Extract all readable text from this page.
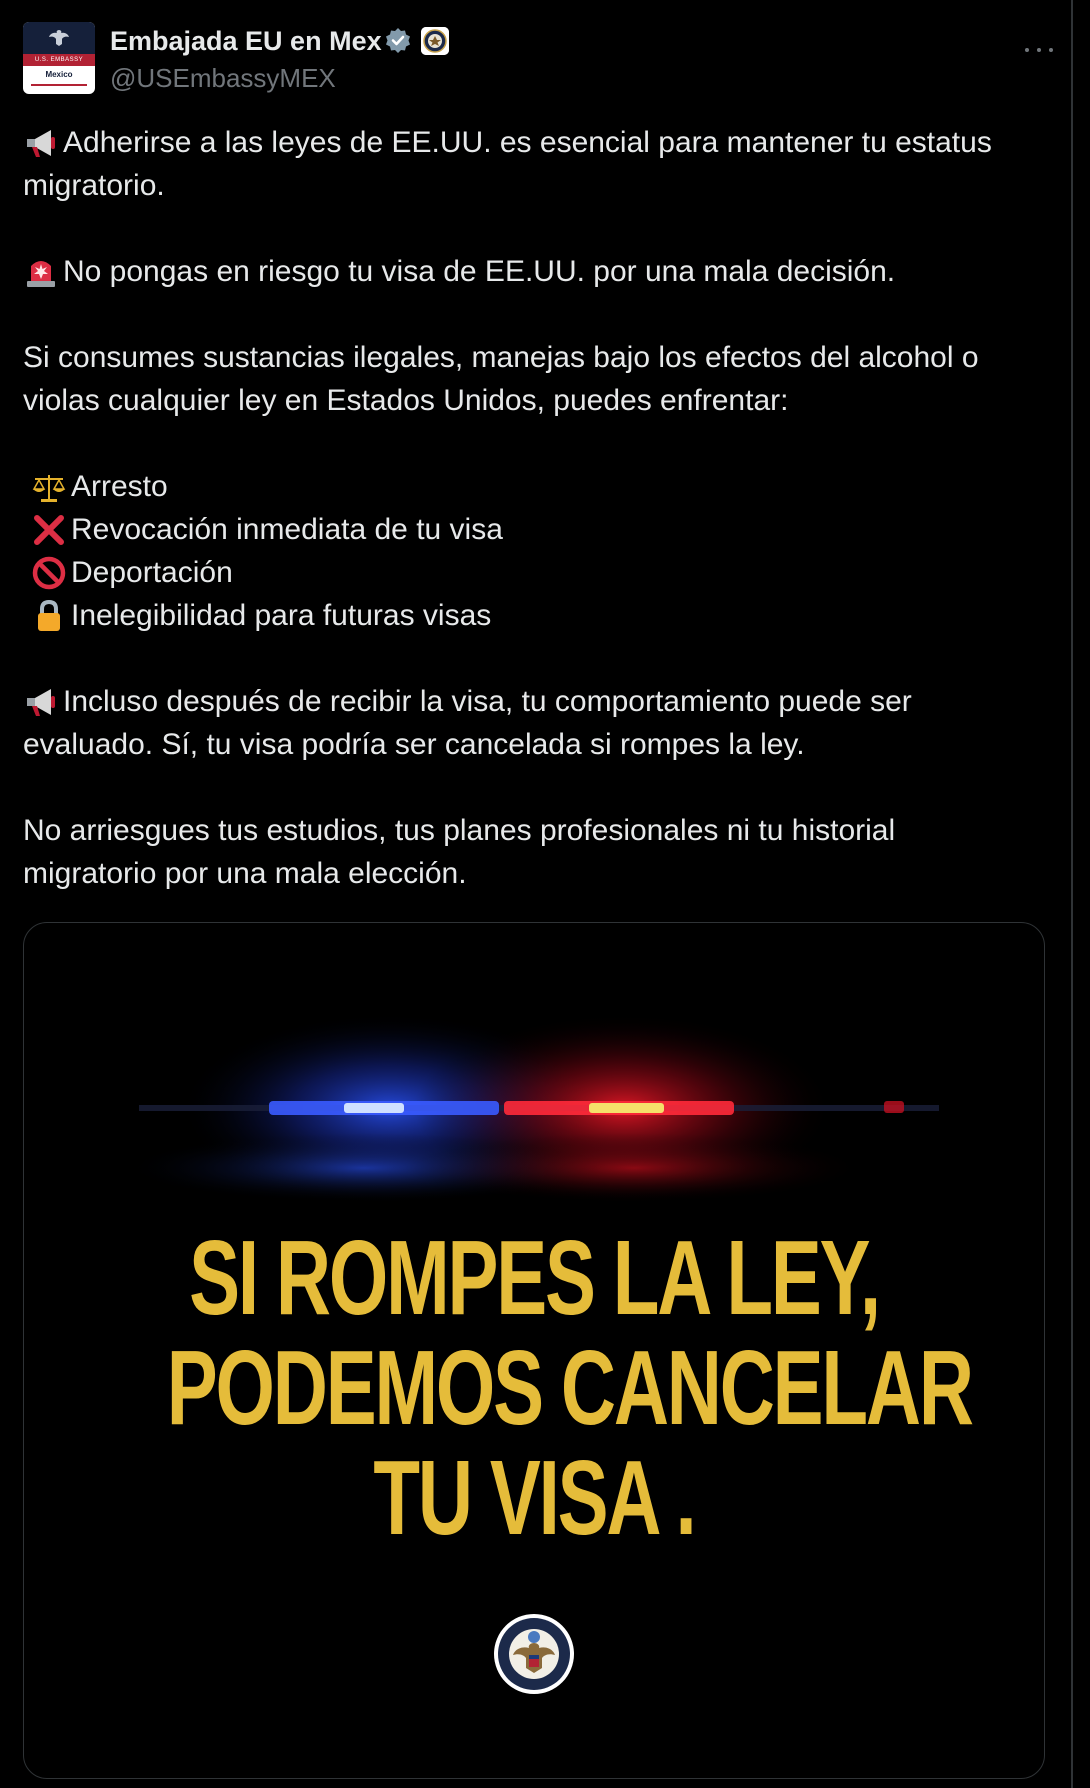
U.S. EMBASSY
Mexico
Embajada EU en Mex
@USEmbassyMEX
Adherirse a las leyes de EE.UU. es esencial para mantener tu estatus
migratorio.
No pongas en riesgo tu visa de EE.UU. por una mala decisión.
Si consumes sustancias ilegales, manejas bajo los efectos del alcohol o
violas cualquier ley en Estados Unidos, puedes enfrentar:
Arresto
Revocación inmediata de tu visa
Deportación
Inelegibilidad para futuras visas
Incluso después de recibir la visa, tu comportamiento puede ser
evaluado. Sí, tu visa podría ser cancelada si rompes la ley.
No arriesgues tus estudios, tus planes profesionales ni tu historial
migratorio por una mala elección.
SI ROMPES LA LEY,
PODEMOS CANCELAR
TU VISA .
